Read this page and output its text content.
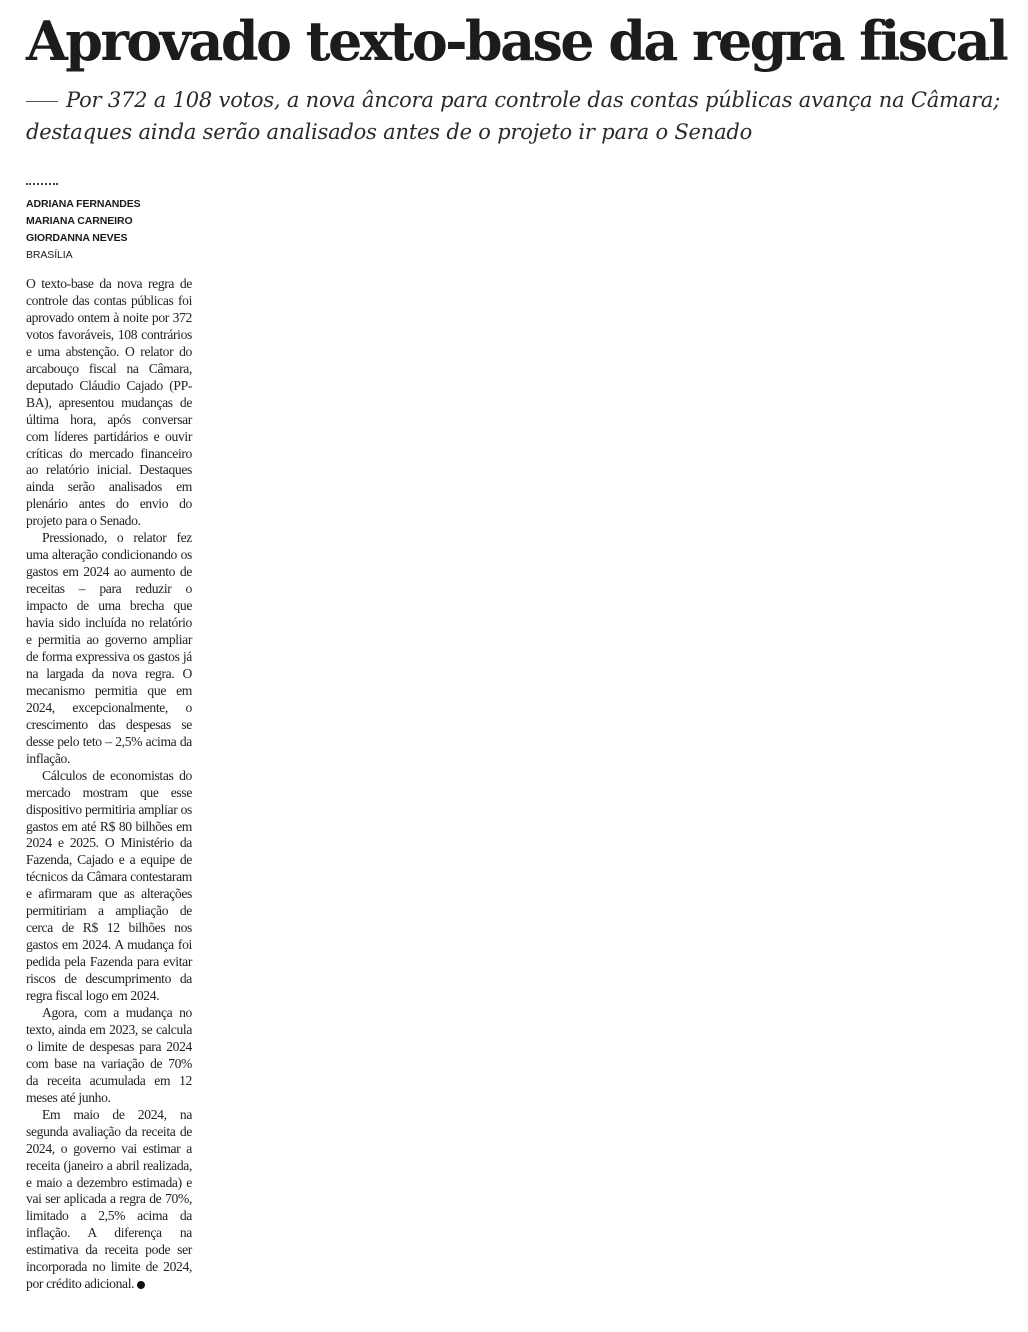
Aprovado texto-base da regra fiscal

Por 372 a 108 votos, a nova âncora para controle das contas públicas avança na Câmara; destaques ainda serão analisados antes de o projeto ir para o Senado

ADRIANA FERNANDES
MARIANA CARNEIRO
GIORDANNA NEVES
BRASÍLIA

O texto-base da nova regra de controle das contas públicas foi aprovado ontem à noite por 372 votos favoráveis, 108 contrários e uma abstenção. O relator do arcabouço fiscal na Câmara, deputado Cláudio Cajado (PP-BA), apresentou mudanças de última hora, após conversar com líderes partidários e ouvir críticas do mercado financeiro ao relatório inicial. Destaques ainda serão analisados em plenário antes do envio do projeto para o Senado.

Pressionado, o relator fez uma alteração condicionando os gastos em 2024 ao aumento de receitas – para reduzir o impacto de uma brecha que havia sido incluída no relatório e permitia ao governo ampliar de forma expressiva os gastos já na largada da nova regra. O mecanismo permitia que em 2024, excepcionalmente, o crescimento das despesas se desse pelo teto – 2,5% acima da inflação.

Cálculos de economistas do mercado mostram que esse dispositivo permitiria ampliar os gastos em até R$ 80 bilhões em 2024 e 2025. O Ministério da Fazenda, Cajado e a equipe de técnicos da Câmara contestaram e afirmaram que as alterações permitiriam a ampliação de cerca de R$ 12 bilhões nos gastos em 2024. A mudança foi pedida pela Fazenda para evitar riscos de descumprimento da regra fiscal logo em 2024.

Agora, com a mudança no texto, ainda em 2023, se calcula o limite de despesas para 2024 com base na variação de 70% da receita acumulada em 12 meses até junho.

Em maio de 2024, na segunda avaliação da receita de 2024, o governo vai estimar a receita (janeiro a abril realizada, e maio a dezembro estimada) e vai ser aplicada a regra de 70%, limitado a 2,5% acima da inflação. A diferença na estimativa da receita pode ser incorporada no limite de 2024, por crédito adicional.
